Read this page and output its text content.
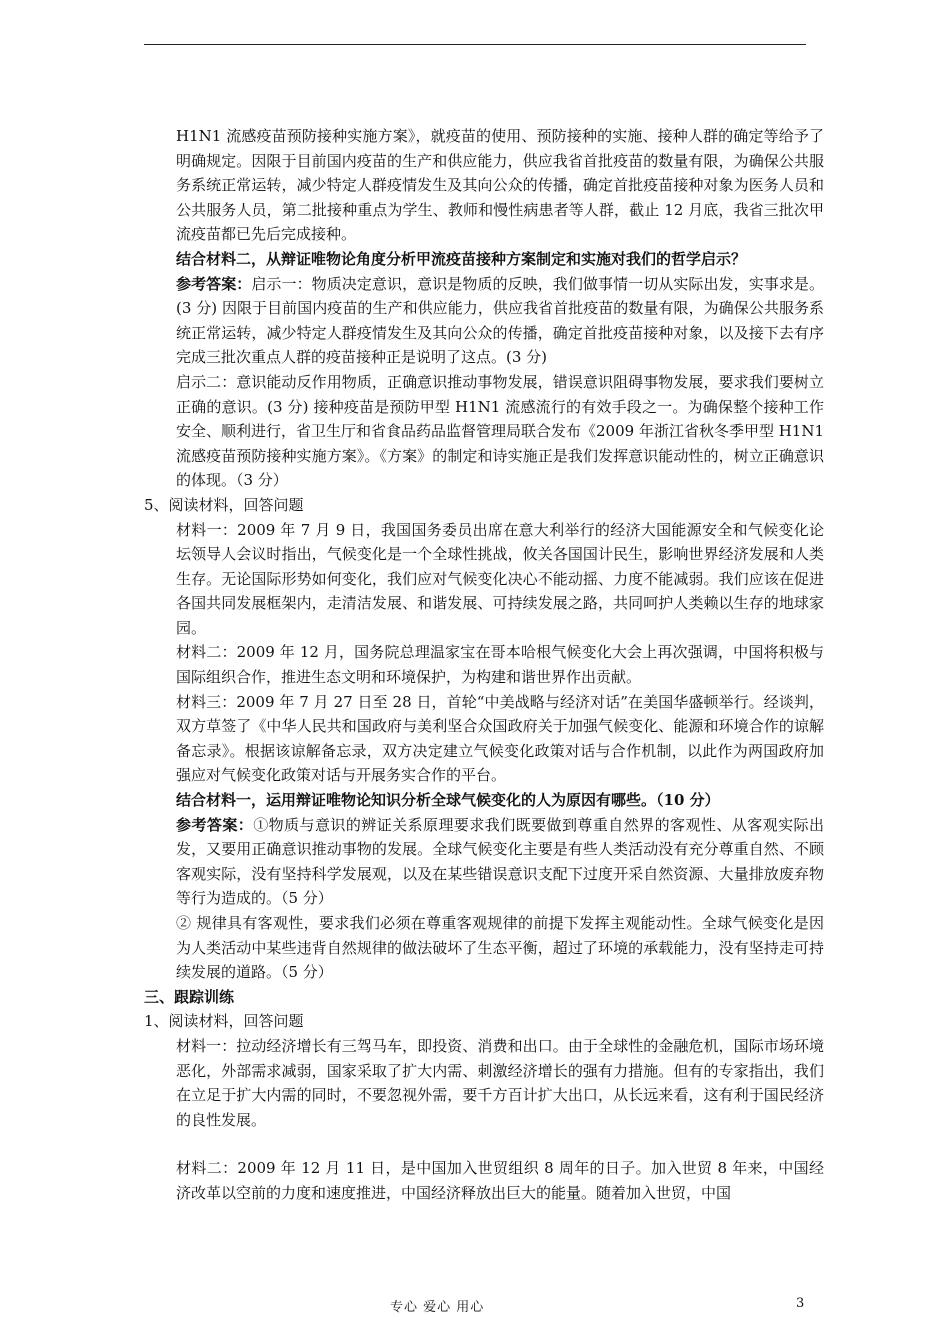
H1N1 流感疫苗预防接种实施方案》，就疫苗的使用、预防接种的实施、接种人群的确定等给予了明确规定。因限于目前国内疫苗的生产和供应能力，供应我省首批疫苗的数量有限，为确保公共服务系统正常运转，减少特定人群疫情发生及其向公众的传播，确定首批疫苗接种对象为医务人员和公共服务人员，第二批接种重点为学生、教师和慢性病患者等人群，截止 12 月底，我省三批次甲流疫苗都已先后完成接种。

结合材料二，从辩证唯物论角度分析甲流疫苗接种方案制定和实施对我们的哲学启示？

参考答案：启示一：物质决定意识，意识是物质的反映，我们做事情一切从实际出发，实事求是。(3 分) 因限于目前国内疫苗的生产和供应能力，供应我省首批疫苗的数量有限，为确保公共服务系统正常运转，减少特定人群疫情发生及其向公众的传播，确定首批疫苗接种对象，以及接下去有序完成三批次重点人群的疫苗接种正是说明了这点。(3 分)

启示二：意识能动反作用物质，正确意识推动事物发展，错误意识阻碍事物发展，要求我们要树立正确的意识。(3 分) 接种疫苗是预防甲型 H1N1 流感流行的有效手段之一。为确保整个接种工作安全、顺利进行，省卫生厅和省食品药品监督管理局联合发布《2009 年浙江省秋冬季甲型 H1N1 流感疫苗预防接种实施方案》。《方案》的制定和诗实施正是我们发挥意识能动性的，树立正确意识的体现。（3 分）

5、阅读材料，回答问题

材料一：2009 年 7 月 9 日，我国国务委员出席在意大利举行的经济大国能源安全和气候变化论坛领导人会议时指出，气候变化是一个全球性挑战，攸关各国国计民生，影响世界经济发展和人类生存。无论国际形势如何变化，我们应对气候变化决心不能动摇、力度不能减弱。我们应该在促进各国共同发展框架内，走清洁发展、和谐发展、可持续发展之路，共同呵护人类赖以生存的地球家园。

材料二：2009 年 12 月，国务院总理温家宝在哥本哈根气候变化大会上再次强调，中国将积极与国际组织合作，推进生态文明和环境保护，为构建和谐世界作出贡献。

材料三：2009 年 7 月 27 日至 28 日，首轮“中美战略与经济对话”在美国华盛顿举行。经谈判，双方草签了《中华人民共和国政府与美利坚合众国政府关于加强气候变化、能源和环境合作的谅解备忘录》。根据该谅解备忘录，双方决定建立气候变化政策对话与合作机制，以此作为两国政府加强应对气候变化政策对话与开展务实合作的平台。

结合材料一，运用辩证唯物论知识分析全球气候变化的人为原因有哪些。（10 分）

参考答案：①物质与意识的辨证关系原理要求我们既要做到尊重自然界的客观性、从客观实际出发，又要用正确意识推动事物的发展。全球气候变化主要是有些人类活动没有充分尊重自然、不顾客观实际，没有坚持科学发展观，以及在某些错误意识支配下过度开采自然资源、大量排放废弃物等行为造成的。（5 分）

② 规律具有客观性，要求我们必须在尊重客观规律的前提下发挥主观能动性。全球气候变化是因为人类活动中某些违背自然规律的做法破坏了生态平衡，超过了环境的承载能力，没有坚持走可持续发展的道路。（5 分）

三、跟踪训练

1、阅读材料，回答问题

材料一：拉动经济增长有三驾马车，即投资、消费和出口。由于全球性的金融危机，国际市场环境恶化，外部需求减弱，国家采取了扩大内需、刺激经济增长的强有力措施。但有的专家指出，我们在立足于扩大内需的同时，不要忽视外需，要千方百计扩大出口，从长远来看，这有利于国民经济的良性发展。

材料二：2009 年 12 月 11 日，是中国加入世贸组织 8 周年的日子。加入世贸 8 年来，中国经济改革以空前的力度和速度推进，中国经济释放出巨大的能量。随着加入世贸，中国

专心 爱心 用心	3
